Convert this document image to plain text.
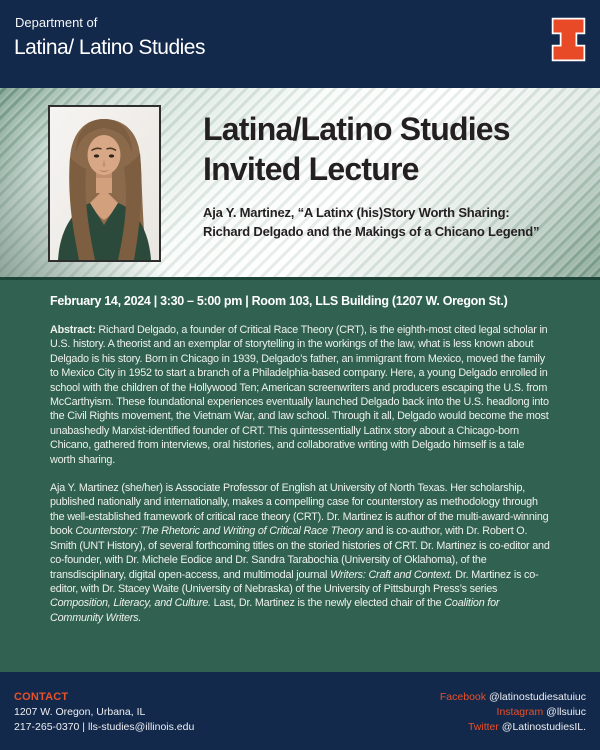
Department of
Latina/ Latino Studies
Latina/Latino Studies
Invited Lecture
Aja Y. Martinez, “A Latinx (his)Story Worth Sharing:
Richard Delgado and the Makings of a Chicano Legend”
February 14, 2024 | 3:30 – 5:00 pm | Room 103, LLS Building (1207 W. Oregon St.)
Abstract: Richard Delgado, a founder of Critical Race Theory (CRT), is the eighth-most cited legal scholar in U.S. history. A theorist and an exemplar of storytelling in the workings of the law, what is less known about Delgado is his story. Born in Chicago in 1939, Delgado’s father, an immigrant from Mexico, moved the family to Mexico City in 1952 to start a branch of a Philadelphia-based company. Here, a young Delgado enrolled in school with the children of the Hollywood Ten; American screenwriters and producers escaping the U.S. from McCarthyism. These foundational experiences eventually launched Delgado back into the U.S. headlong into the Civil Rights movement, the Vietnam War, and law school. Through it all, Delgado would become the most unabashedly Marxist-identified founder of CRT. This quintessentially Latinx story about a Chicago-born Chicano, gathered from interviews, oral histories, and collaborative writing with Delgado himself is a tale worth sharing.
Aja Y. Martinez (she/her) is Associate Professor of English at University of North Texas. Her scholarship, published nationally and internationally, makes a compelling case for counterstory as methodology through the well-established framework of critical race theory (CRT). Dr. Martinez is author of the multi-award-winning book Counterstory: The Rhetoric and Writing of Critical Race Theory and is co-author, with Dr. Robert O. Smith (UNT History), of several forthcoming titles on the storied histories of CRT. Dr. Martinez is co-editor and co-founder, with Dr. Michele Eodice and Dr. Sandra Tarabochia (University of Oklahoma), of the transdisciplinary, digital open-access, and multimodal journal Writers: Craft and Context. Dr. Martinez is co-editor, with Dr. Stacey Waite (University of Nebraska) of the University of Pittsburgh Press’s series Composition, Literacy, and Culture. Last, Dr. Martinez is the newly elected chair of the Coalition for Community Writers.
CONTACT
1207 W. Oregon, Urbana, IL
217-265-0370 | lls-studies@illinois.edu
Facebook @latinostudiesatuiuc
Instagram @llsuiuc
Twitter @LatinostudiesIL.
